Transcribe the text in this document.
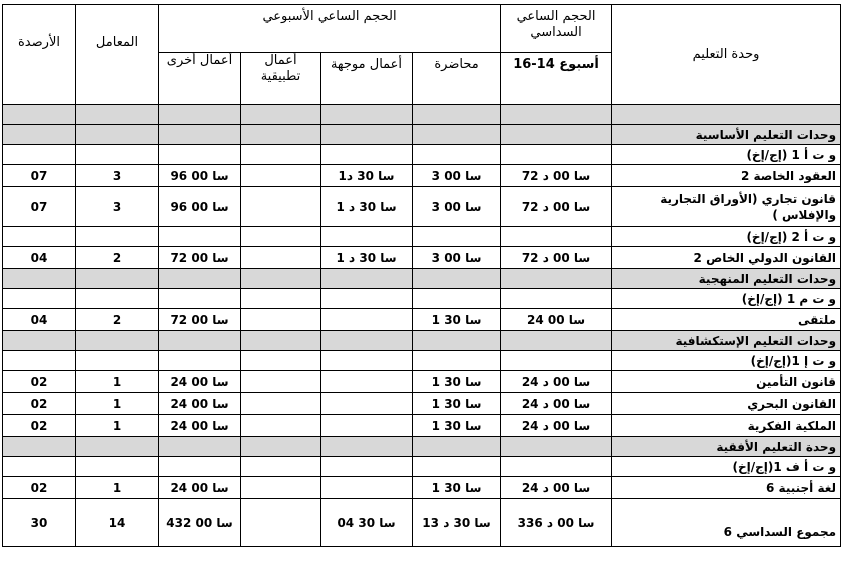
الأرصدة	المعامل	الحجم الساعي الأسبوعي				الحجم الساعي السداسي	وحدة التعليم
		أعمال أخرى	أعمال تطبيقية	أعمال موجهة	محاضرة	16-14 أسبوع	

							وحدات التعليم الأساسية
							و ت أ 1 (إج/إخ)
07	3	96 سا 00		1سا 30 د	3 سا 00	72 سا 00 د	العقود الخاصة 2
07	3	96 سا 00		1 سا 30 د	3 سا 00	72 سا 00 د	قانون تجاري (الأوراق التجارية والإفلاس )
							و ت أ 2 (إج/إخ)
04	2	72 سا 00		1 سا 30 د	3 سا 00	72 سا 00 د	القانون الدولي الخاص 2
							وحدات التعليم المنهجية
							و ت م 1 (إج/إخ)
04	2	72 سا 00			1 سا 30	24 سا 00	ملتقى
							وحدات التعليم الإستكشافية
							و ت إ 1(إج/إخ)
02	1	24 سا 00			1 سا 30	24 سا 00 د	قانون التأمين
02	1	24 سا 00			1 سا 30	24 سا 00 د	القانون البحري
02	1	24 سا 00			1 سا 30	24 سا 00 د	الملكية الفكرية
							وحدة التعليم الأفقية
							و ت أ ف 1(إج/إخ)
02	1	24 سا 00			1 سا 30	24 سا 00 د	لغة أجنبية 6
30	14	432 سا 00		04 سا 30	13 سا 30 د	336 سا 00 د	مجموع السداسي 6
